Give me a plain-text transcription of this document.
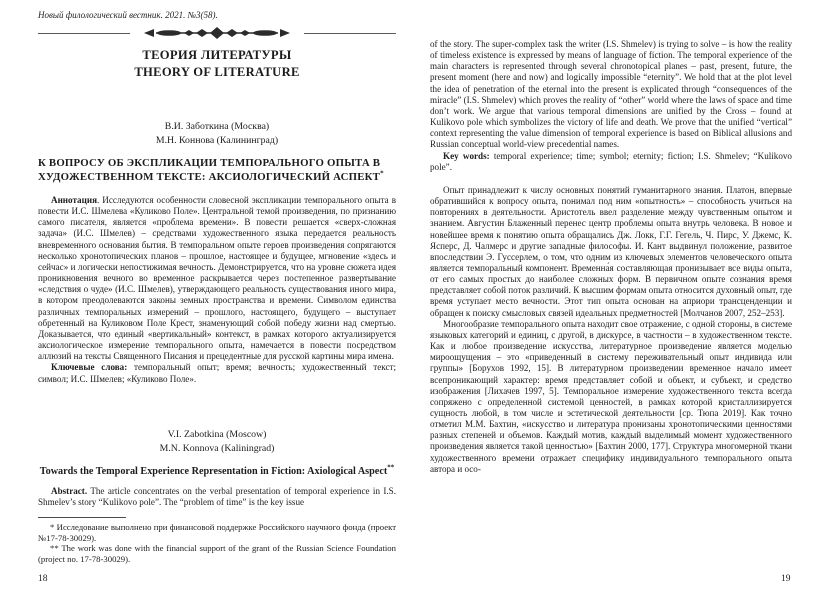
Новый филологический вестник. 2021. №3(58).
ТЕОРИЯ ЛИТЕРАТУРЫ
THEORY OF LITERATURE
В.И. Заботкина (Москва)
М.Н. Коннова (Калининград)
К ВОПРОСУ ОБ ЭКСПЛИКАЦИИ ТЕМПОРАЛЬНОГО ОПЫТА В ХУДОЖЕСТВЕННОМ ТЕКСТЕ: АКСИОЛОГИЧЕСКИЙ АСПЕКТ*

Аннотация. Исследуются особенности словесной экспликации темпорального опыта в повести И.С. Шмелева «Куликово Поле». Центральной темой произведения, по признанию самого писателя, является «проблема времени». В повести решается «сверх-сложная задача» (И.С. Шмелев) – средствами художественного языка передается реальность вневременного основания бытия. В темпоральном опыте героев произведения сопрягаются несколько хронотопических планов – прошлое, настоящее и будущее, мгновение «здесь и сейчас» и логически непостижимая вечность. Демонстрируется, что на уровне сюжета идея проникновения вечного во временное раскрывается через постепенное развертывание «следствия о чуде» (И.С. Шмелев), утверждающего реальность существования иного мира, в котором преодолеваются законы земных пространства и времени. Символом единства различных темпоральных измерений – прошлого, настоящего, будущего – выступает обретенный на Куликовом Поле Крест, знаменующий собой победу жизни над смертью. Доказывается, что единый «вертикальный» контекст, в рамках которого актуализируется аксиологическое измерение темпорального опыта, намечается в повести посредством аллюзий на тексты Священного Писания и прецедентные для русской картины мира имена.

Ключевые слова: темпоральный опыт; время; вечность; художественный текст; символ; И.С. Шмелев; «Куликово Поле».

V.I. Zabotkina (Moscow)
M.N. Konnova (Kaliningrad)
Towards the Temporal Experience Representation in Fiction: Axiological Aspect**

Abstract. The article concentrates on the verbal presentation of temporal experience in I.S. Shmelev’s story “Kulikovo pole”. The “problem of time” is the key issue

* Исследование выполнено при финансовой поддержке Российского научного фонда (проект №17-78-30029).

** The work was done with the financial support of the grant of the Russian Science Foundation (project no. 17-78-30029).

of the story. The super-complex task the writer (I.S. Shmelev) is trying to solve – is how the reality of timeless existence is expressed by means of language of fiction. The temporal experience of the main characters is represented through several chronotopical planes – past, present, future, the present moment (here and now) and logically impossible “eternity”. We hold that at the plot level the idea of penetration of the eternal into the present is explicated through “consequences of the miracle” (I.S. Shmelev) which proves the reality of “other” world where the laws of space and time don’t work. We argue that various temporal dimensions are unified by the Cross – found at Kulikovo pole which symbolizes the victory of life and death. We prove that the unified “vertical” context representing the value dimension of temporal experience is based on Biblical allusions and Russian conceptual world-view precedential names.

Key words: temporal experience; time; symbol; eternity; fiction; I.S. Shmelev; “Kulikovo pole”.

Опыт принадлежит к числу основных понятий гуманитарного знания. Платон, впервые обратившийся к вопросу опыта, понимал под ним «опытность» – способность учиться на повторениях в деятельности. Аристотель ввел разделение между чувственным опытом и знанием. Августин Блаженный перенес центр проблемы опыта внутрь человека. В новое и новейшее время к понятию опыта обращались Дж. Локк, Г.Г. Гегель, Ч. Пирс, У. Джемс, К. Ясперс, Д. Чалмерс и другие западные философы. И. Кант выдвинул положение, развитое впоследствии Э. Гуссерлем, о том, что одним из ключевых элементов человеческого опыта является темпоральный компонент. Временна́я составляющая пронизывает все виды опыта, от его самых простых до наиболее сложных форм. В первичном опыте сознания время представляет собой поток различий. К высшим формам опыта относится духовный опыт, где время уступает место вечности. Этот тип опыта основан на априори трансценденции и обращен к поиску смысловых связей идеальных предметностей [Молчанов 2007, 252–253].

Многообразие темпорального опыта находит свое отражение, с одной стороны, в системе языковых категорий и единиц, с другой, в дискурсе, в частности – в художественном тексте. Как и любое произведение искусства, литературное произведение является моделью мироощущения – это «приведенный в систему переживательный опыт индивида или группы» [Борухов 1992, 15]. В литературном произведении временное начало имеет всепроникающий характер: время представляет собой и объект, и субъект, и средство изображения [Лихачев 1997, 5]. Темпоральное измерение художественного текста всегда сопряжено с определенной системой ценностей, в рамках которой кристаллизируется сущность любой, в том числе и эстетической деятельности [ср. Тюпа 2019]. Как точно отметил М.М. Бахтин, «искусство и литература пронизаны хронотопическими ценностями разных степеней и объемов. Каждый мотив, каждый выделимый момент художественного произведения является такой ценностью» [Бахтин 2000, 177]. Структура многомерной ткани художественного времени отражает специфику индивидуального темпорального опыта автора и осо-

18	19
